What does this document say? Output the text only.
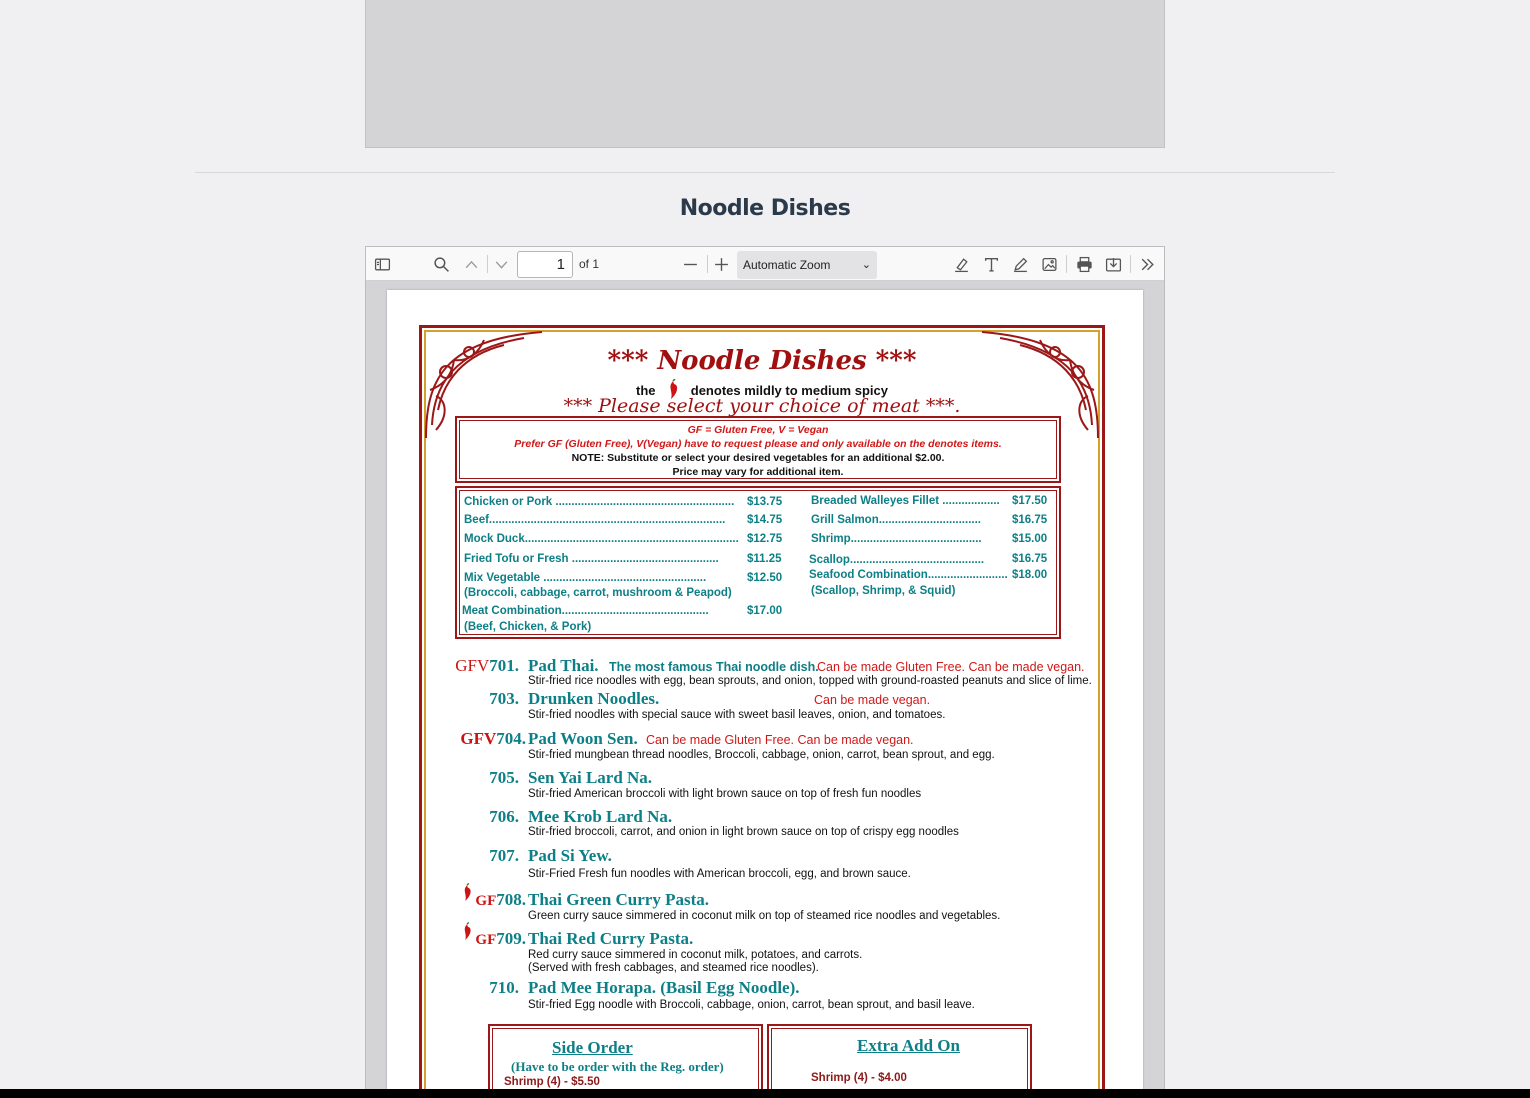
Noodle Dishes
1	of 1	Automatic Zoom	⌄
*** Noodle Dishes ***
the	denotes mildly to medium spicy
*** Please select your choice of meat ***.
GF = Gluten Free, V = Vegan
Prefer GF (Gluten Free), V(Vegan) have to request please and only available on the denotes items.
NOTE: Substitute or select your desired vegetables for an additional $2.00.
Price may vary for additional item.
Chicken or Pork ........................................................ $13.75
Beef.......................................................................... $14.75
Mock Duck................................................................... $12.75
Fried Tofu or Fresh .............................................. $11.25
Mix Vegetable ...................................................	$12.50
(Broccoli, cabbage, carrot, mushroom & Peapod)
Meat Combination..............................................	$17.00
(Beef, Chicken, & Pork)
Breaded Walleyes Fillet .................. $17.50
Grill Salmon................................	$16.75
Shrimp.........................................	$15.00
Scallop.......................................... $16.75
Seafood Combination......................... $18.00
(Scallop, Shrimp, & Squid)
GFV701. Pad Thai. The most famous Thai noodle dish.
Can be made Gluten Free. Can be made vegan.
Stir-fried rice noodles with egg, bean sprouts, and onion, topped with ground-roasted peanuts and slice of lime.
703. Drunken Noodles.	Can be made vegan.
Stir-fried noodles with special sauce with sweet basil leaves, onion, and tomatoes.
GFV704. Pad Woon Sen. Can be made Gluten Free. Can be made vegan.
Stir-fried mungbean thread noodles, Broccoli, cabbage, onion, carrot, bean sprout, and egg.
705. Sen Yai Lard Na.
Stir-fried American broccoli with light brown sauce on top of fresh fun noodles
706. Mee Krob Lard Na.
Stir-fried broccoli, carrot, and onion in light brown sauce on top of crispy egg noodles
707. Pad Si Yew.
Stir-Fried Fresh fun noodles with American broccoli, egg, and brown sauce.
GF708. Thai Green Curry Pasta.
Green curry sauce simmered in coconut milk on top of steamed rice noodles and vegetables.
GF709. Thai Red Curry Pasta.
Red curry sauce simmered in coconut milk, potatoes, and carrots.
(Served with fresh cabbages, and steamed rice noodles).
710. Pad Mee Horapa. (Basil Egg Noodle).
Stir-fried Egg noodle with Broccoli, cabbage, onion, carrot, bean sprout, and basil leave.
Side Order
(Have to be order with the Reg. order)
Shrimp (4) - $5.50
Extra Add On
Shrimp (4) - $4.00
